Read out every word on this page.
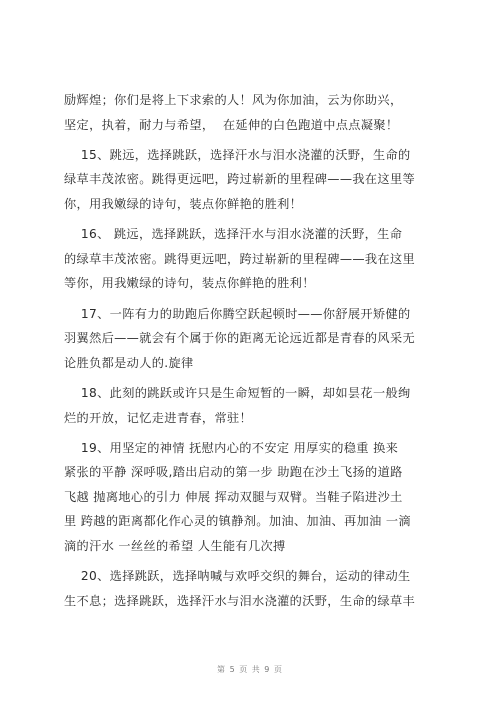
励辉煌；你们是将上下求索的人！风为你加油，云为你助兴，
坚定，执着，耐力与希望，  在延伸的白色跑道中点点凝聚！

15、跳远，选择跳跃，选择汗水与泪水浇灌的沃野，生命的
绿草丰茂浓密。跳得更远吧，跨过崭新的里程碑——我在这里等
你，用我嫩绿的诗句，装点你鲜艳的胜利！

16、 跳远，选择跳跃，选择汗水与泪水浇灌的沃野，生命
的绿草丰茂浓密。跳得更远吧，跨过崭新的里程碑——我在这里
等你，用我嫩绿的诗句，装点你鲜艳的胜利！

17、一阵有力的助跑后你腾空跃起顿时——你舒展开矫健的
羽翼然后——就会有个属于你的距离无论远近都是青春的风采无
论胜负都是动人的.旋律

18、此刻的跳跃或许只是生命短暂的一瞬，却如昙花一般绚
烂的开放，记忆走进青春，常驻！

19、用坚定的神情 抚慰内心的不安定 用厚实的稳重 换来
紧张的平静 深呼吸,踏出启动的第一步 助跑在沙土飞扬的道路
飞越 抛离地心的引力 伸展 挥动双腿与双臂。当鞋子陷进沙土
里 跨越的距离都化作心灵的镇静剂。加油、加油、再加油 一滴
滴的汗水 一丝丝的希望 人生能有几次搏

20、选择跳跃，选择呐喊与欢呼交织的舞台，运动的律动生
生不息；选择跳跃，选择汗水与泪水浇灌的沃野，生命的绿草丰

第 5 页 共 9 页
